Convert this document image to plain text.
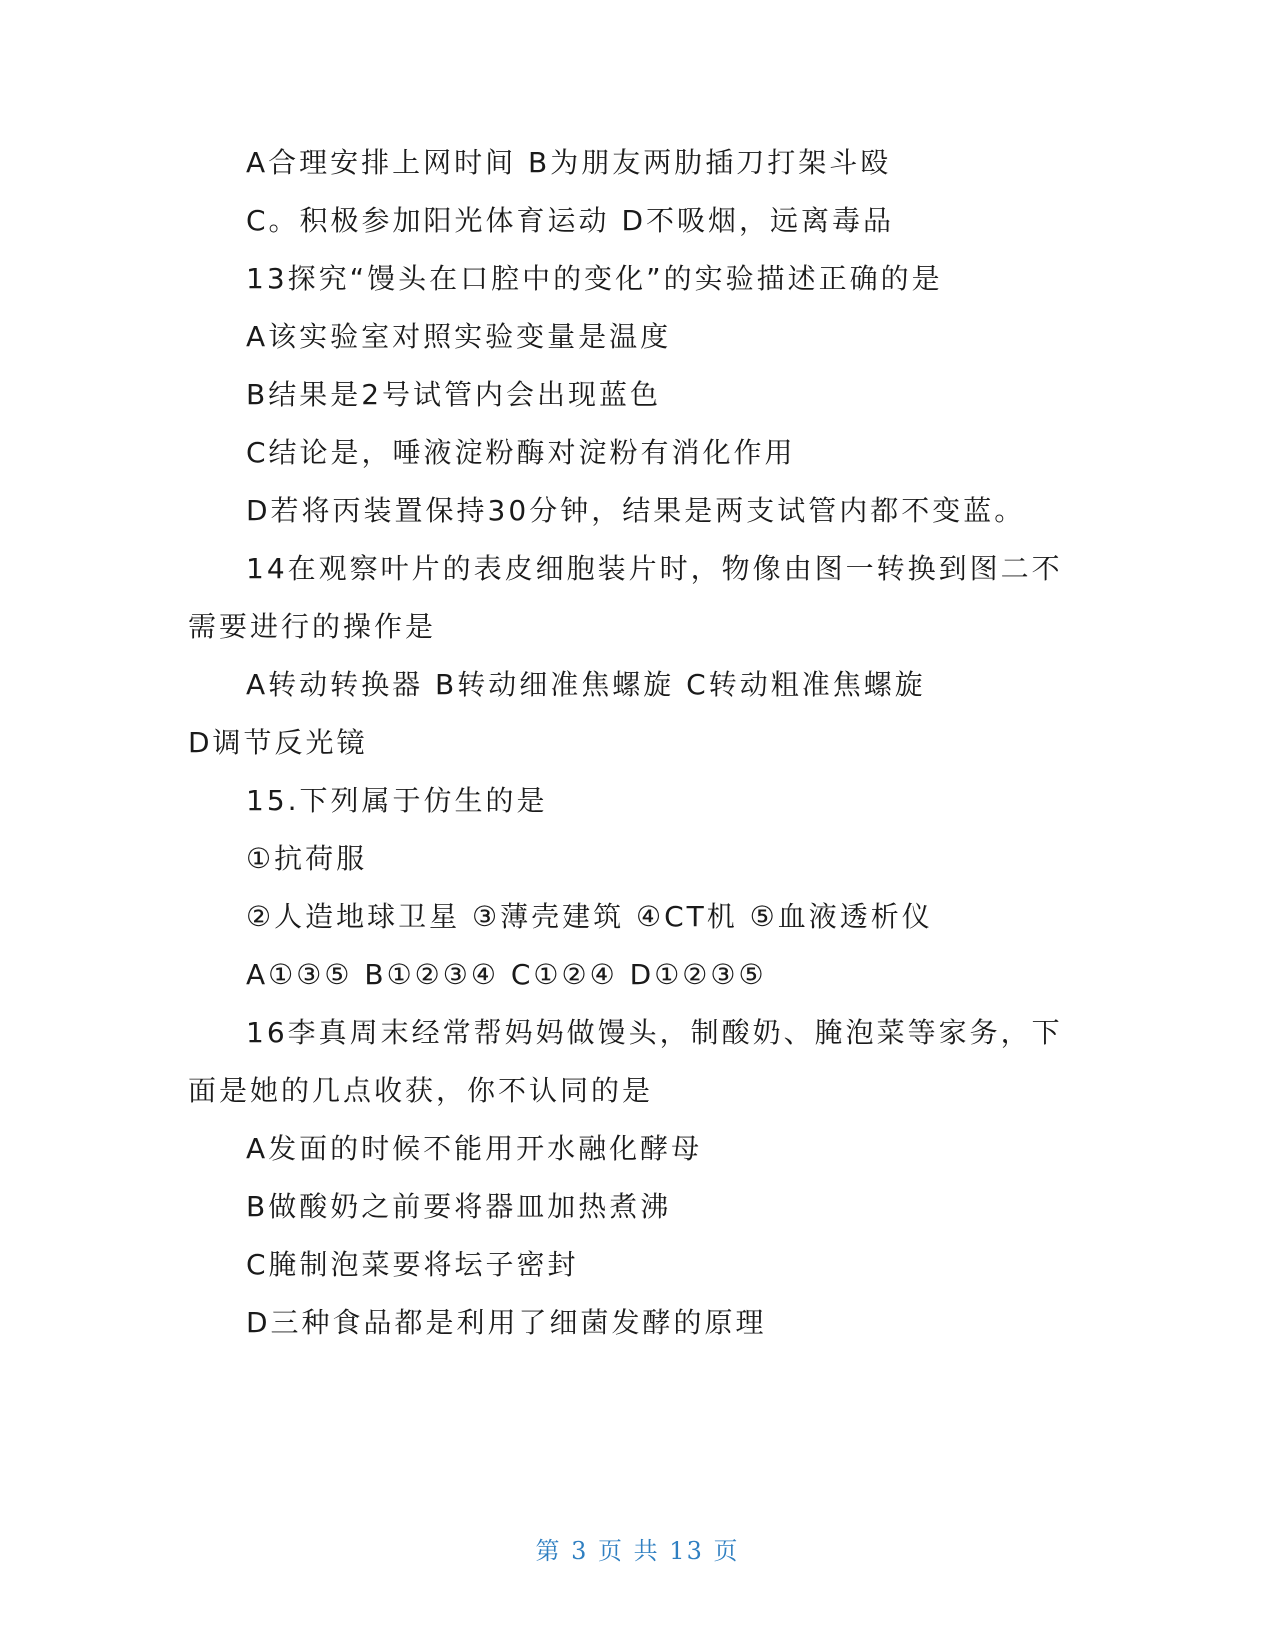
A合理安排上网时间 B为朋友两肋插刀打架斗殴
C。积极参加阳光体育运动 D不吸烟，远离毒品
13探究“馒头在口腔中的变化”的实验描述正确的是
A该实验室对照实验变量是温度
B结果是2号试管内会出现蓝色
C结论是，唾液淀粉酶对淀粉有消化作用
D若将丙装置保持30分钟，结果是两支试管内都不变蓝。
14在观察叶片的表皮细胞装片时，物像由图一转换到图二不
需要进行的操作是
A转动转换器 B转动细准焦螺旋 C转动粗准焦螺旋
D调节反光镜
15.下列属于仿生的是
①抗荷服
②人造地球卫星 ③薄壳建筑 ④CT机 ⑤血液透析仪
A①③⑤ B①②③④ C①②④ D①②③⑤
16李真周末经常帮妈妈做馒头，制酸奶、腌泡菜等家务，下
面是她的几点收获，你不认同的是
A发面的时候不能用开水融化酵母
B做酸奶之前要将器皿加热煮沸
C腌制泡菜要将坛子密封
D三种食品都是利用了细菌发酵的原理
第 3 页 共 13 页
